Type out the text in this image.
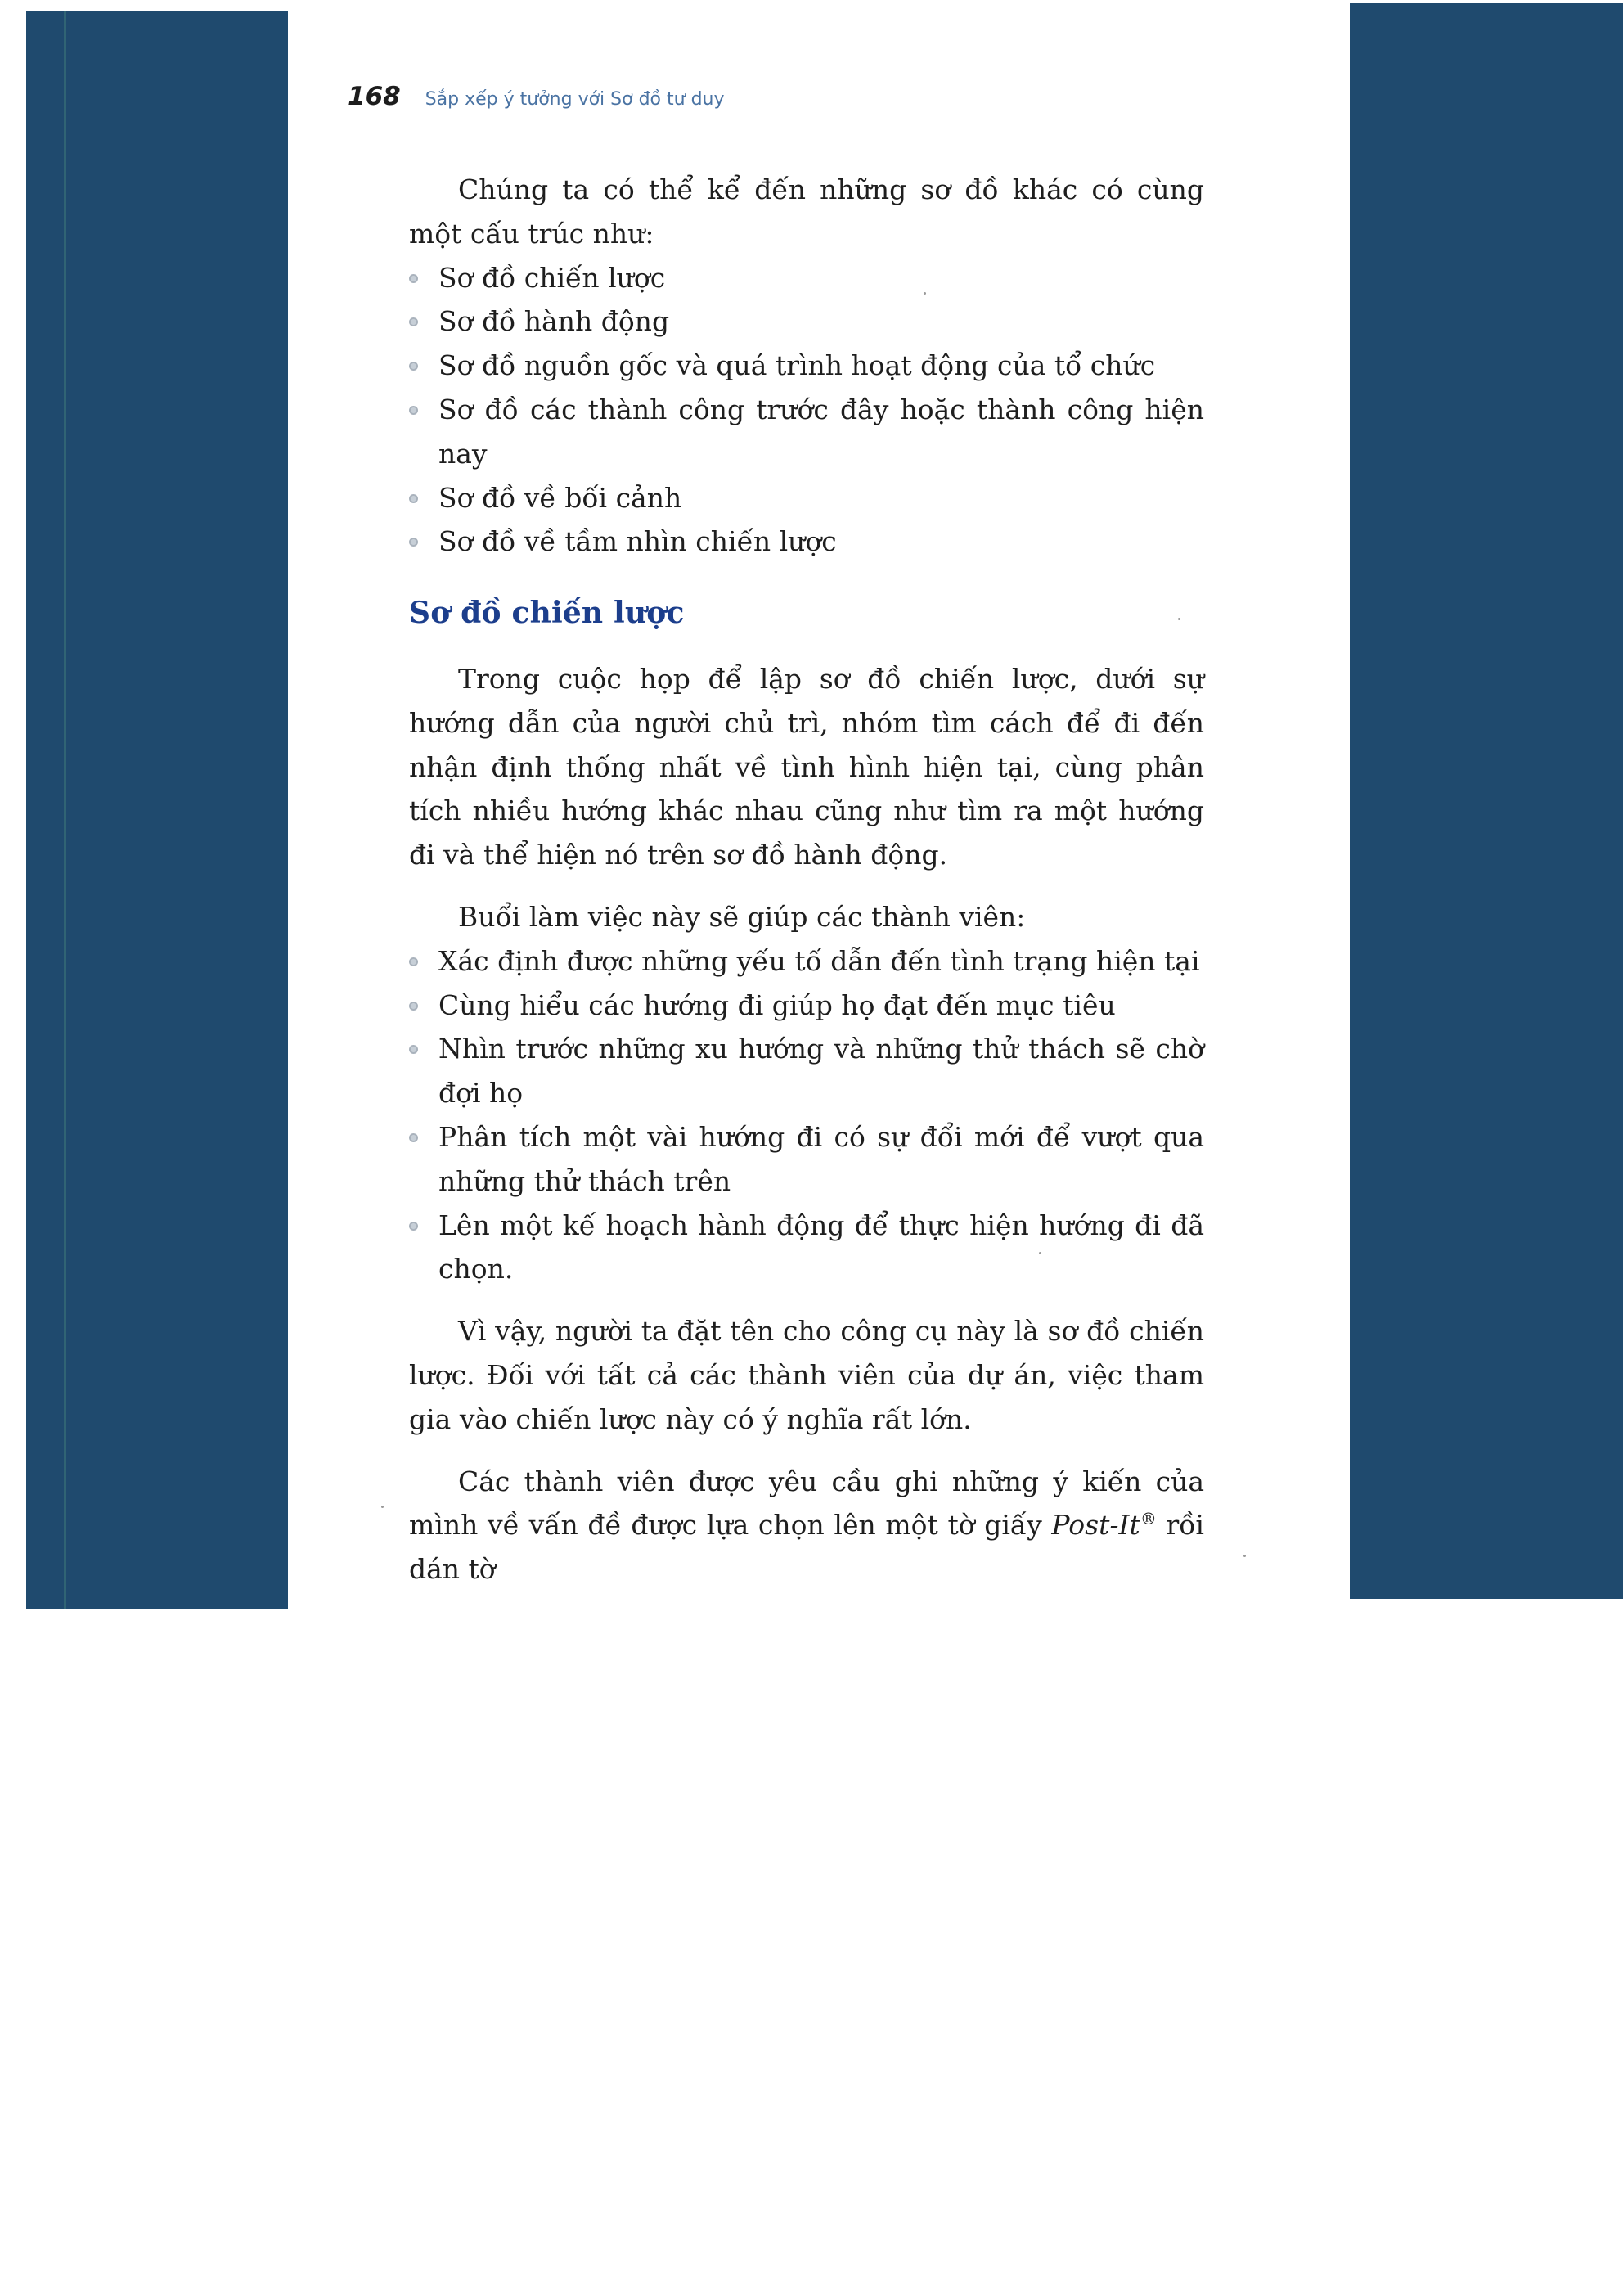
168 Sắp xếp ý tưởng với Sơ đồ tư duy

Chúng ta có thể kể đến những sơ đồ khác có cùng một cấu trúc như:

Sơ đồ chiến lược
Sơ đồ hành động
Sơ đồ nguồn gốc và quá trình hoạt động của tổ chức
Sơ đồ các thành công trước đây hoặc thành công hiện nay
Sơ đồ về bối cảnh
Sơ đồ về tầm nhìn chiến lược
Sơ đồ chiến lược

Trong cuộc họp để lập sơ đồ chiến lược, dưới sự hướng dẫn của người chủ trì, nhóm tìm cách để đi đến nhận định thống nhất về tình hình hiện tại, cùng phân tích nhiều hướng khác nhau cũng như tìm ra một hướng đi và thể hiện nó trên sơ đồ hành động.

Buổi làm việc này sẽ giúp các thành viên:

Xác định được những yếu tố dẫn đến tình trạng hiện tại
Cùng hiểu các hướng đi giúp họ đạt đến mục tiêu
Nhìn trước những xu hướng và những thử thách sẽ chờ đợi họ
Phân tích một vài hướng đi có sự đổi mới để vượt qua những thử thách trên
Lên một kế hoạch hành động để thực hiện hướng đi đã chọn.

Vì vậy, người ta đặt tên cho công cụ này là sơ đồ chiến lược. Đối với tất cả các thành viên của dự án, việc tham gia vào chiến lược này có ý nghĩa rất lớn.

Các thành viên được yêu cầu ghi những ý kiến của mình về vấn đề được lựa chọn lên một tờ giấy Post-It® rồi dán tờ
